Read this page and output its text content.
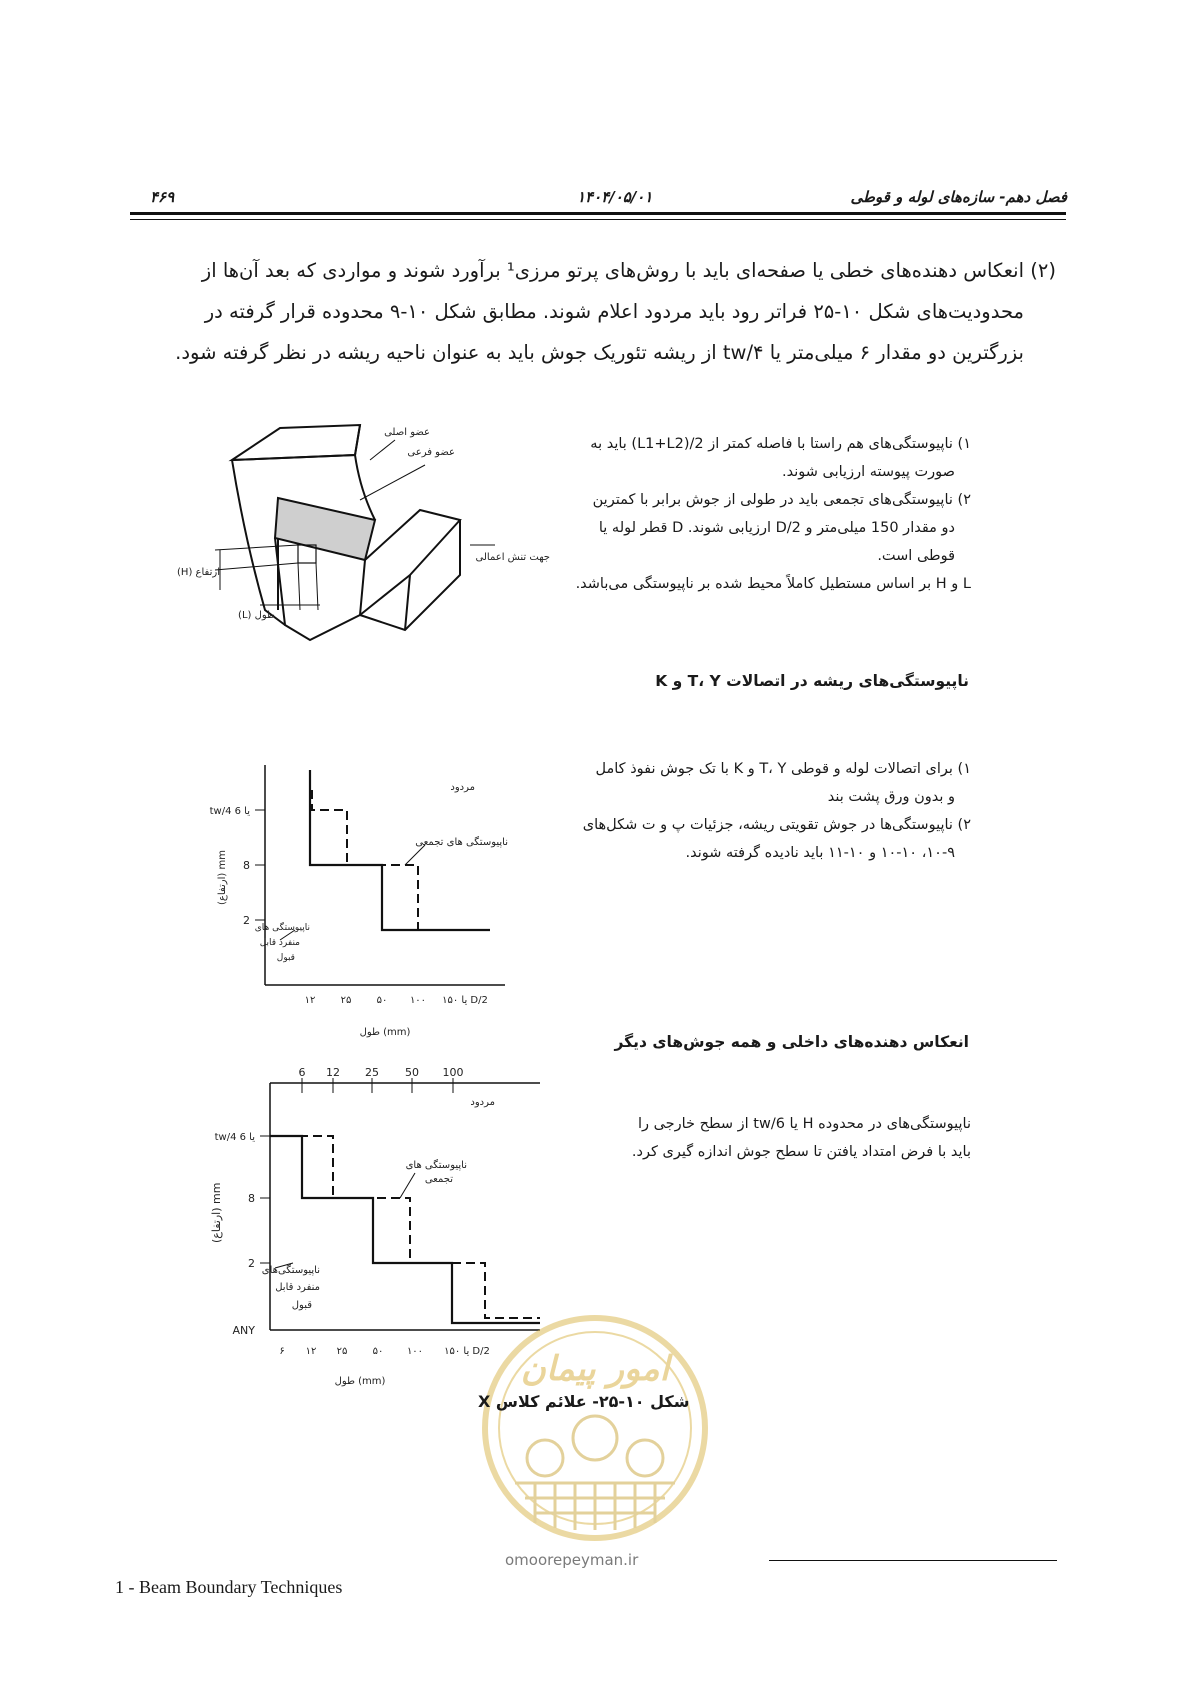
۴۶۹	۱۴۰۴/۰۵/۰۱	فصل دهم- سازه‌های لوله و قوطی
(۲)
انعکاس دهنده‌های خطی یا صفحه‌ای باید با روش‌های پرتو مرزی¹ برآورد شوند و مواردی که بعد آن‌ها از
محدودیت‌های شکل ۱۰-۲۵ فراتر رود باید مردود اعلام شوند. مطابق شکل ۱۰-۹ محدوده قرار گرفته در
بزرگترین دو مقدار ۶ میلی‌متر یا tw/۴ از ریشه تئوریک جوش باید به عنوان ناحیه ریشه در نظر گرفته شود.

۱) ناپیوستگی‌های هم راستا با فاصله کمتر از L1+L2)/2) باید به

صورت پیوسته ارزیابی شوند.

۲) ناپیوستگی‌های تجمعی باید در طولی از جوش برابر با کمترین

دو مقدار 150 میلی‌متر و D/2 ارزیابی شوند. D قطر لوله یا

قوطی است.

L و H بر اساس مستطیل کاملاً محیط شده بر ناپیوستگی می‌باشد.

ناپیوستگی‌های ریشه در اتصالات T، Y و K
عضو اصلی
عضو فرعی
جهت تنش اعمالی
ارتفاع (H)
طول (L)

۱) برای اتصالات لوله و قوطی T، Y و K با تک جوش نفوذ کامل

و بدون ورق پشت بند

۲) ناپیوستگی‌ها در جوش تقویتی ریشه، جزئیات پ و ت شکل‌های

۱۰-۹، ۱۰-۱۰ و ۱۰-۱۱ باید نادیده گرفته شوند.

انعکاس دهنده‌های داخلی و همه جوش‌های دیگر
tw/4 یا 6
8
2
(ارتفاع) mm
مردود
ناپیوستگی های تجمعی
ناپیوستگی های
منفرد قابل
قبول
۱۲	۲۵	۵۰ ۱۰۰ ۱۵۰ یا D/2
طول (mm)

ناپیوستگی‌های در محدوده H یا tw/6 از سطح خارجی را

باید با فرض امتداد یافتن تا سطح جوش اندازه گیری کرد.

6 12 25 50 100
مردود
tw/4 یا 6
8
2
ANY
(ارتفاع) mm
ناپیوستگی های
تجمعی
ناپیوستگی‌های
منفرد قابل
قبول
۶ ۱۲ ۲۵	۵۰ ۱۰۰ ۱۵۰ یا D/2
طول (mm)	امور پیمان
شکل ۱۰-۲۵- علائم کلاس X
1 - Beam Boundary Techniques
omoorepeyman.ir
